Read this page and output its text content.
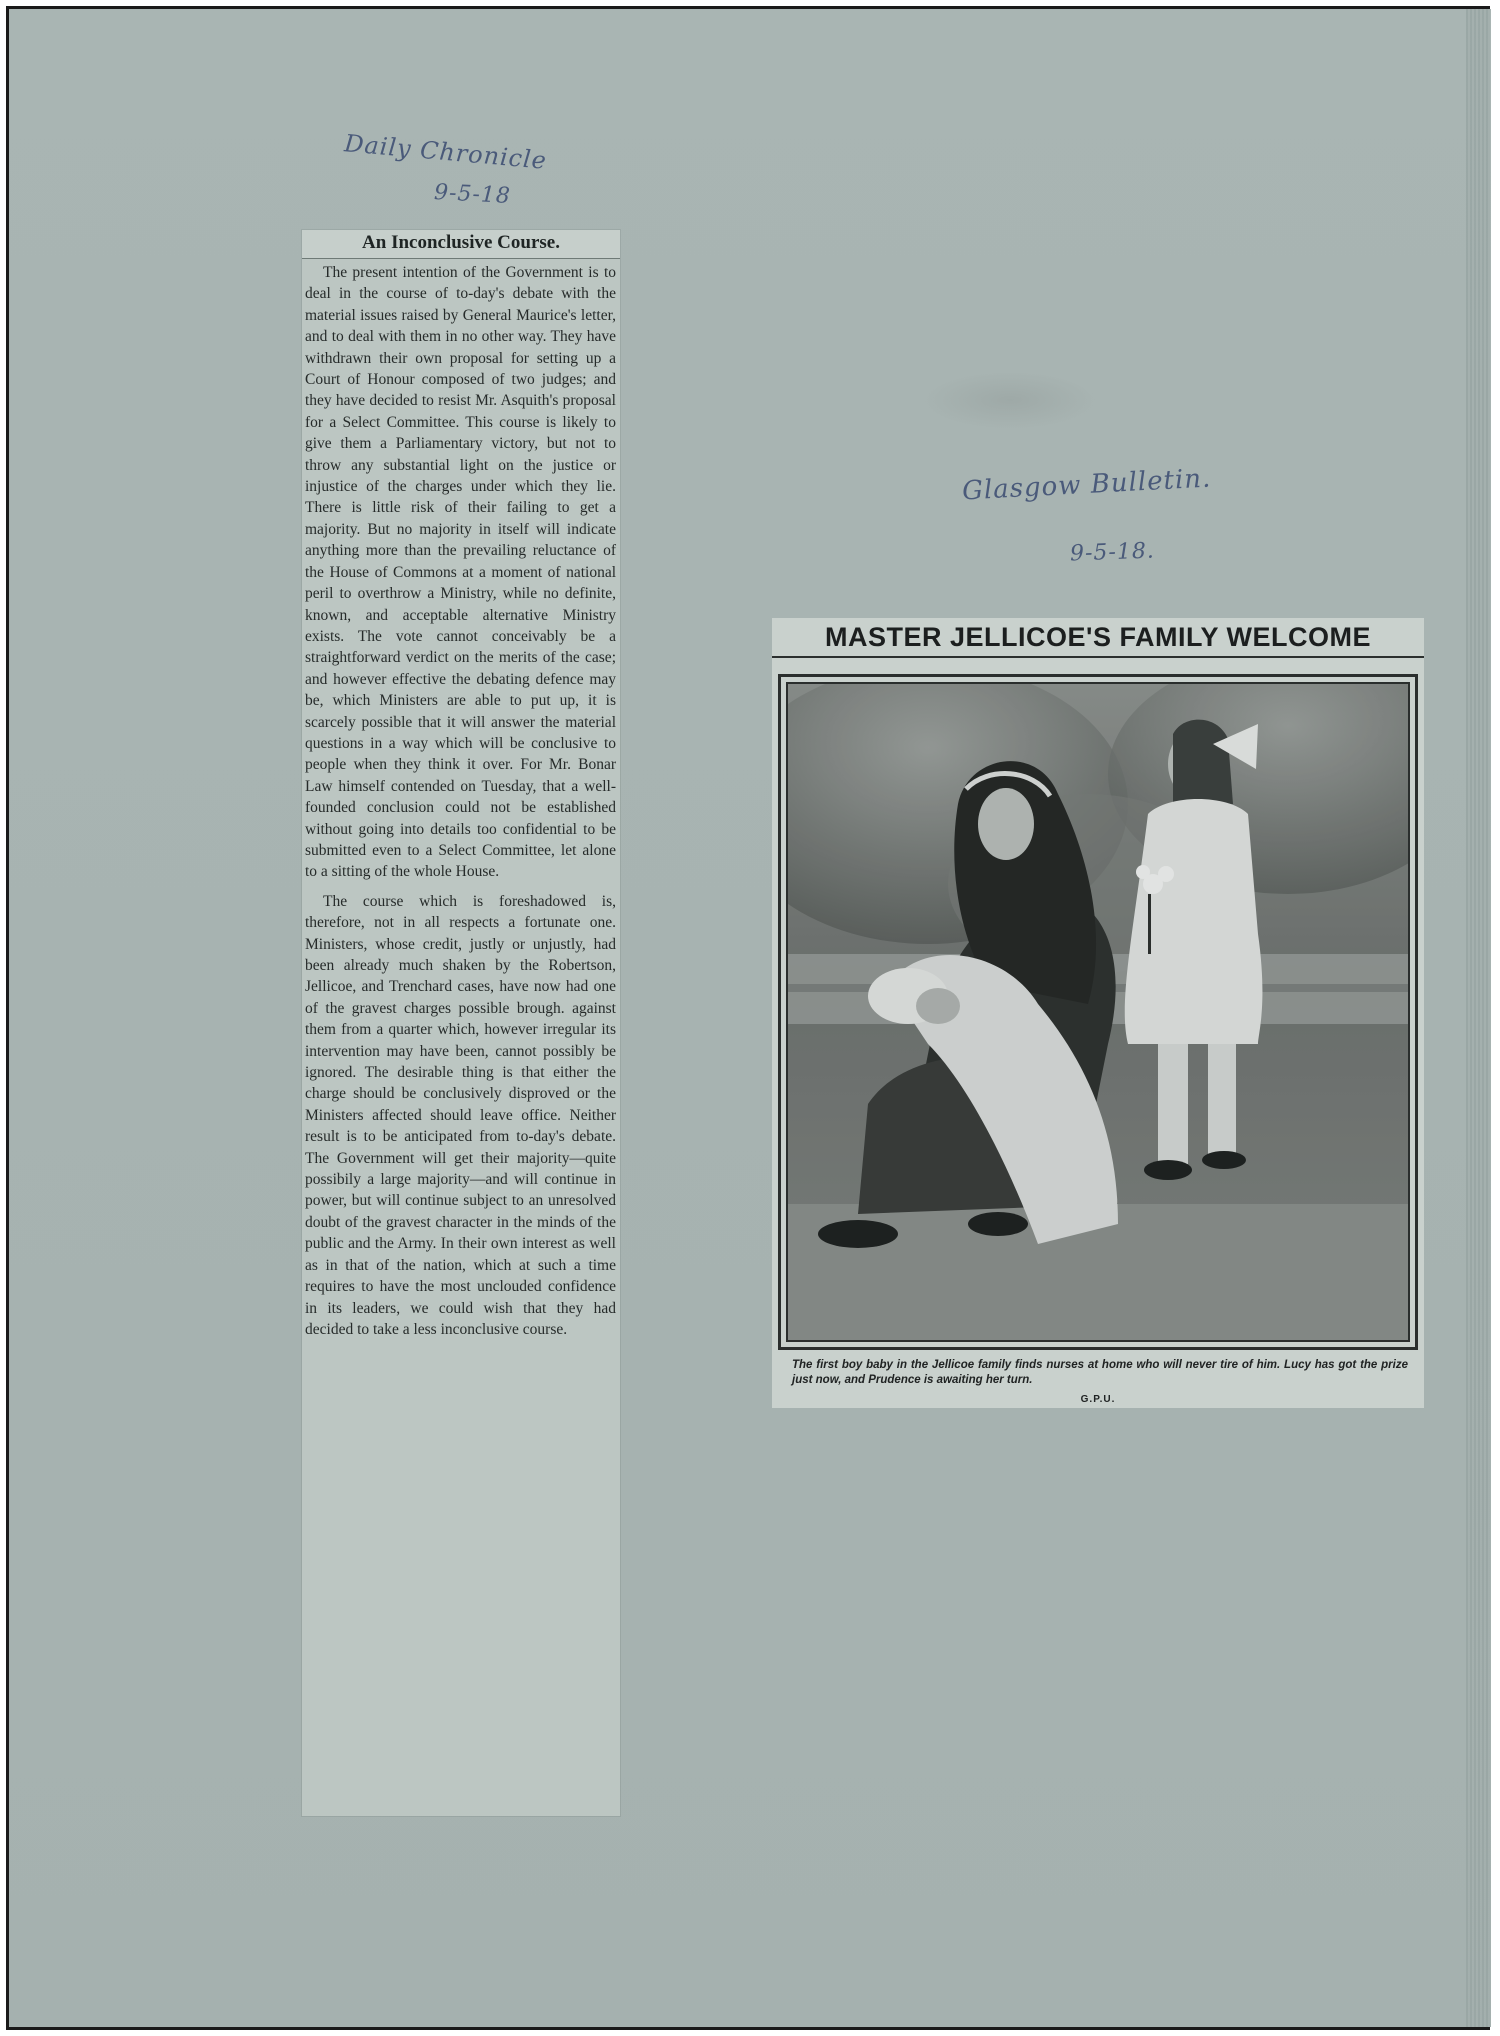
Daily Chronicle
9-5-18
Glasgow Bulletin.
9-5-18.
An Inconclusive Course.

The present intention of the Government is to deal in the course of to-day's debate with the material issues raised by General Maurice's letter, and to deal with them in no other way. They have withdrawn their own proposal for setting up a Court of Honour composed of two judges; and they have decided to resist Mr. Asquith's proposal for a Select Committee. This course is likely to give them a Parliamentary victory, but not to throw any substantial light on the justice or injustice of the charges under which they lie. There is little risk of their failing to get a majority. But no majority in itself will indicate anything more than the prevailing reluctance of the House of Commons at a moment of national peril to overthrow a Ministry, while no definite, known, and acceptable alternative Ministry exists. The vote cannot conceivably be a straightforward verdict on the merits of the case; and however effective the debating defence may be, which Ministers are able to put up, it is scarcely possible that it will answer the material questions in a way which will be conclusive to people when they think it over. For Mr. Bonar Law himself contended on Tuesday, that a well-founded conclusion could not be established without going into details too confidential to be submitted even to a Select Committee, let alone to a sitting of the whole House.

The course which is foreshadowed is, therefore, not in all respects a fortunate one. Ministers, whose credit, justly or unjustly, had been already much shaken by the Robertson, Jellicoe, and Trenchard cases, have now had one of the gravest charges possible brough. against them from a quarter which, however irregular its intervention may have been, cannot possibly be ignored. The desirable thing is that either the charge should be conclusively disproved or the Ministers affected should leave office. Neither result is to be anticipated from to-day's debate. The Government will get their majority—quite possibily a large majority—and will continue in power, but will continue subject to an unresolved doubt of the gravest character in the minds of the public and the Army. In their own interest as well as in that of the nation, which at such a time requires to have the most unclouded confidence in its leaders, we could wish that they had decided to take a less inconclusive course.

MASTER JELLICOE'S FAMILY WELCOME
The first boy baby in the Jellicoe family finds nurses at home who will never tire of him. Lucy has got the prize just now, and Prudence is awaiting her turn.
G.P.U.
